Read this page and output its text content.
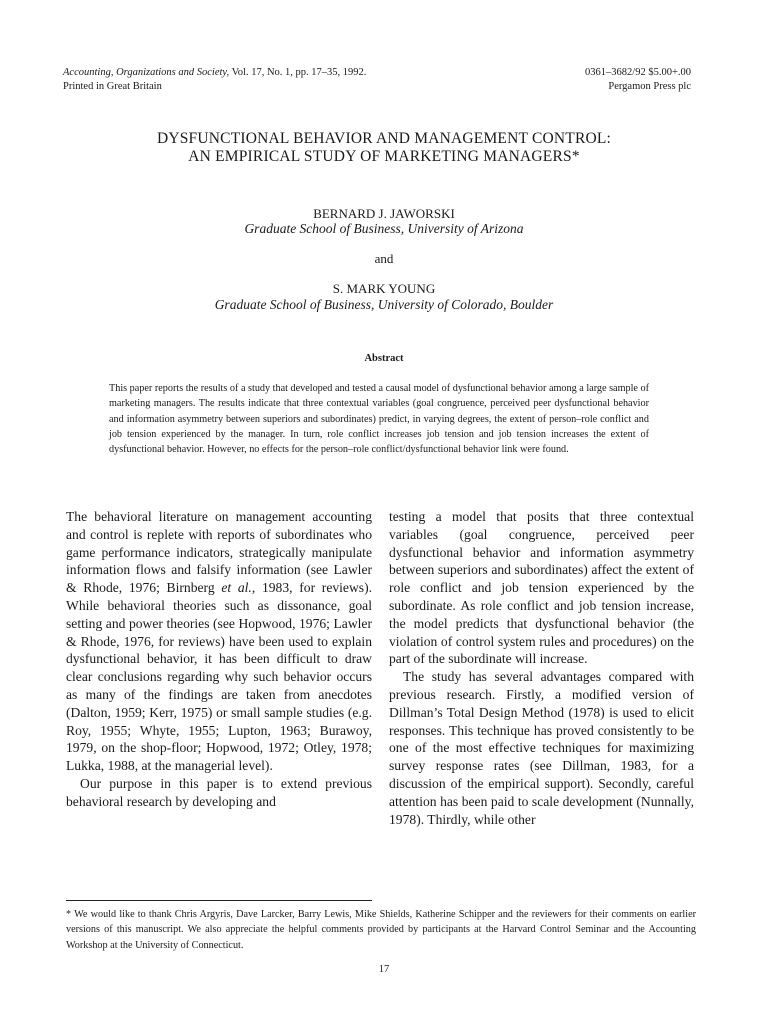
Accounting, Organizations and Society, Vol. 17, No. 1, pp. 17–35, 1992.
Printed in Great Britain
0361–3682/92 $5.00+.00
Pergamon Press plc
DYSFUNCTIONAL BEHAVIOR AND MANAGEMENT CONTROL:
AN EMPIRICAL STUDY OF MARKETING MANAGERS*
BERNARD J. JAWORSKI
Graduate School of Business, University of Arizona
and
S. MARK YOUNG
Graduate School of Business, University of Colorado, Boulder
Abstract
This paper reports the results of a study that developed and tested a causal model of dysfunctional behavior among a large sample of marketing managers. The results indicate that three contextual variables (goal congruence, perceived peer dysfunctional behavior and information asymmetry between superiors and subordinates) predict, in varying degrees, the extent of person–role conflict and job tension experienced by the manager. In turn, role conflict increases job tension and job tension increases the extent of dysfunctional behavior. However, no effects for the person–role conflict/dysfunctional behavior link were found.

The behavioral literature on management accounting and control is replete with reports of subordinates who game performance indicators, strategically manipulate information flows and falsify information (see Lawler & Rhode, 1976; Birnberg et al., 1983, for reviews). While behavioral theories such as dissonance, goal setting and power theories (see Hopwood, 1976; Lawler & Rhode, 1976, for reviews) have been used to explain dysfunctional behavior, it has been difficult to draw clear conclusions regarding why such behavior occurs as many of the findings are taken from anecdotes (Dalton, 1959; Kerr, 1975) or small sample studies (e.g. Roy, 1955; Whyte, 1955; Lupton, 1963; Burawoy, 1979, on the shop-floor; Hopwood, 1972; Otley, 1978; Lukka, 1988, at the managerial level).

Our purpose in this paper is to extend previous behavioral research by developing and

testing a model that posits that three contextual variables (goal congruence, perceived peer dysfunctional behavior and information asymmetry between superiors and subordinates) affect the extent of role conflict and job tension experienced by the subordinate. As role conflict and job tension increase, the model predicts that dysfunctional behavior (the violation of control system rules and procedures) on the part of the subordinate will increase.

The study has several advantages compared with previous research. Firstly, a modified version of Dillman’s Total Design Method (1978) is used to elicit responses. This technique has proved consistently to be one of the most effective techniques for maximizing survey response rates (see Dillman, 1983, for a discussion of the empirical support). Secondly, careful attention has been paid to scale development (Nunnally, 1978). Thirdly, while other

* We would like to thank Chris Argyris, Dave Larcker, Barry Lewis, Mike Shields, Katherine Schipper and the reviewers for their comments on earlier versions of this manuscript. We also appreciate the helpful comments provided by participants at the Harvard Control Seminar and the Accounting Workshop at the University of Connecticut.
17
